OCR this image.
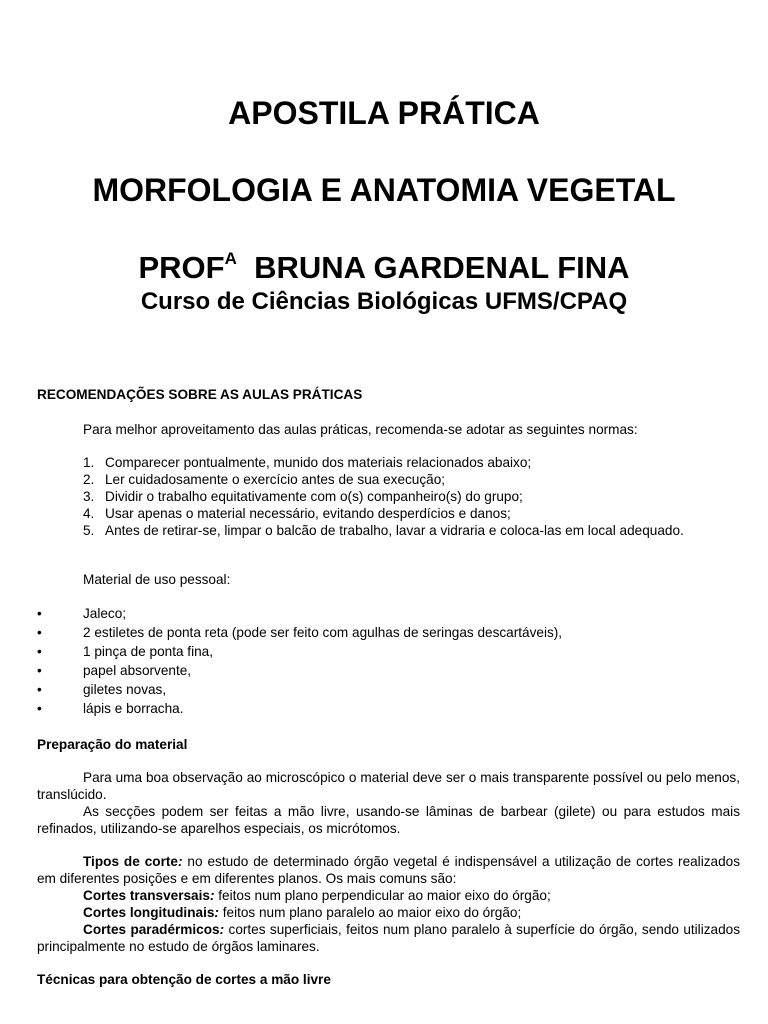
APOSTILA PRÁTICA
MORFOLOGIA E ANATOMIA VEGETAL
$PROF^A$ BRUNA GARDENAL FINA
Curso de Ciências Biológicas UFMS/CPAQ
RECOMENDAÇÕES SOBRE AS AULAS PRÁTICAS
Para melhor aproveitamento das aulas práticas, recomenda-se adotar as seguintes normas:
1. Comparecer pontualmente, munido dos materiais relacionados abaixo;
2. Ler cuidadosamente o exercício antes de sua execução;
3. Dividir o trabalho equitativamente com o(s) companheiro(s) do grupo;
4. Usar apenas o material necessário, evitando desperdícios e danos;
5. Antes de retirar-se, limpar o balcão de trabalho, lavar a vidraria e coloca-las em local adequado.
Material de uso pessoal:
•	Jaleco;
•	2 estiletes de ponta reta (pode ser feito com agulhas de seringas descartáveis),
•	1 pinça de ponta fina,
•	papel absorvente,
•	giletes novas,
•	lápis e borracha.
Preparação do material

Para uma boa observação ao microscópico o material deve ser o mais transparente possível ou pelo menos, translúcido.

As secções podem ser feitas a mão livre, usando-se lâminas de barbear (gilete) ou para estudos mais refinados, utilizando-se aparelhos especiais, os micrótomos.

Tipos de corte: no estudo de determinado órgão vegetal é indispensável a utilização de cortes realizados em diferentes posições e em diferentes planos. Os mais comuns são:

Cortes transversais: feitos num plano perpendicular ao maior eixo do órgão;

Cortes longitudinais: feitos num plano paralelo ao maior eixo do órgão;

Cortes paradérmicos: cortes superficiais, feitos num plano paralelo à superfície do órgão, sendo utilizados principalmente no estudo de órgãos laminares.

Técnicas para obtenção de cortes a mão livre
